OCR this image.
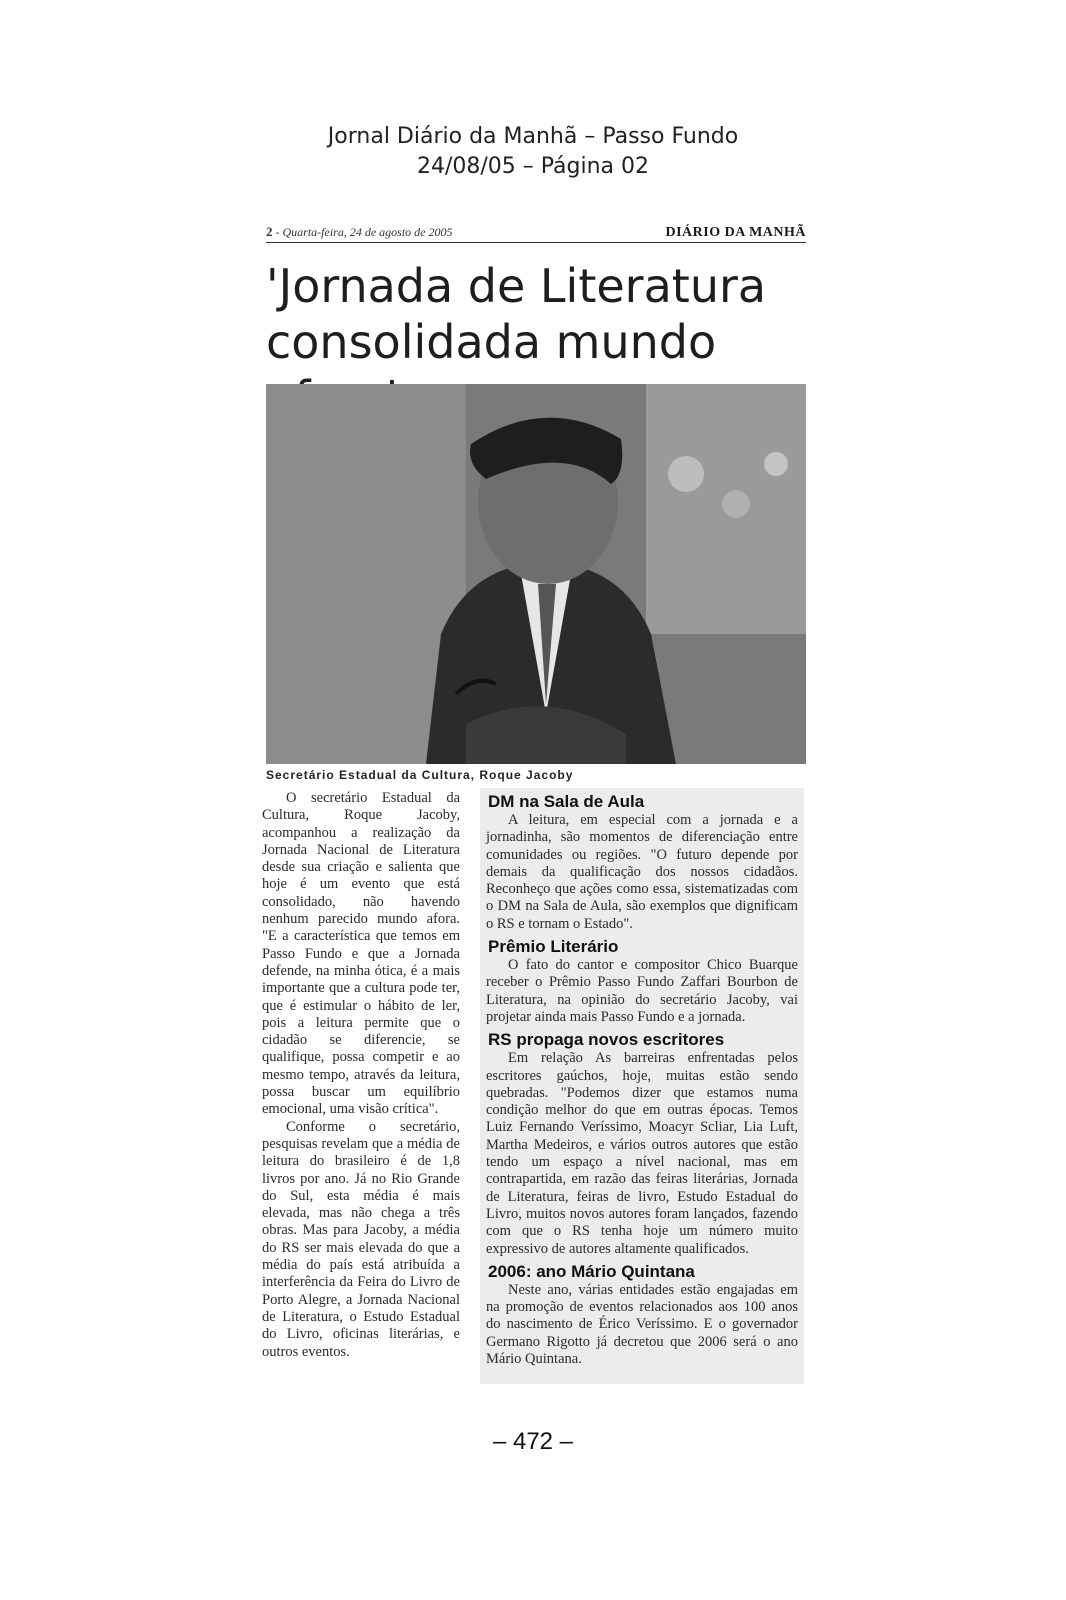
Jornal Diário da Manhã – Passo Fundo
24/08/05 – Página 02
2 - Quarta-feira, 24 de agosto de 2005	DIÁRIO DA MANHÃ
'Jornada de Literatura
consolidada mundo
Secretário Estadual da Cultura, Roque Jacoby

O secretário Estadual da Cultura, Roque Jacoby, acompanhou a realização da Jornada Nacional de Literatura desde sua criação e salienta que hoje é um evento que está consolidado, não havendo nenhum parecido mundo afora. "E a característica que temos em Passo Fundo e que a Jornada defende, na minha ótica, é a mais importante que a cultura pode ter, que é estimular o hábito de ler, pois a leitura permite que o cidadão se diferencie, se qualifique, possa competir e ao mesmo tempo, através da leitura, possa buscar um equilíbrio emocional, uma visão crítica".

Conforme o secretário, pesquisas revelam que a média de leitura do brasileiro é de 1,8 livros por ano. Já no Rio Grande do Sul, esta média é mais elevada, mas não chega a três obras. Mas para Jacoby, a média do RS ser mais elevada do que a média do país está atribuída a interferência da Feira do Livro de Porto Alegre, a Jornada Nacional de Literatura, o Estudo Estadual do Livro, oficinas literárias, e outros eventos.

DM na Sala de Aula

A leitura, em especial com a jornada e a jornadinha, são momentos de diferenciação entre comunidades ou regiões. "O futuro depende por demais da qualificação dos nossos cidadãos. Reconheço que ações como essa, sistematizadas com o DM na Sala de Aula, são exemplos que dignificam o RS e tornam o Estado".

Prêmio Literário

O fato do cantor e compositor Chico Buarque receber o Prêmio Passo Fundo Zaffari Bourbon de Literatura, na opinião do secretário Jacoby, vai projetar ainda mais Passo Fundo e a jornada.

RS propaga novos escritores

Em relação As barreiras enfrentadas pelos escritores gaúchos, hoje, muitas estão sendo quebradas. "Podemos dizer que estamos numa condição melhor do que em outras épocas. Temos Luiz Fernando Veríssimo, Moacyr Scliar, Lia Luft, Martha Medeiros, e vários outros autores que estão tendo um espaço a nível nacional, mas em contrapartida, em razão das feiras literárias, Jornada de Literatura, feiras de livro, Estudo Estadual do Livro, muitos novos autores foram lançados, fazendo com que o RS tenha hoje um número muito expressivo de autores altamente qualificados.

2006: ano Mário Quintana

Neste ano, várias entidades estão engajadas em na promoção de eventos relacionados aos 100 anos do nascimento de Érico Veríssimo. E o governador Germano Rigotto já decretou que 2006 será o ano Mário Quintana.

– 472 –
